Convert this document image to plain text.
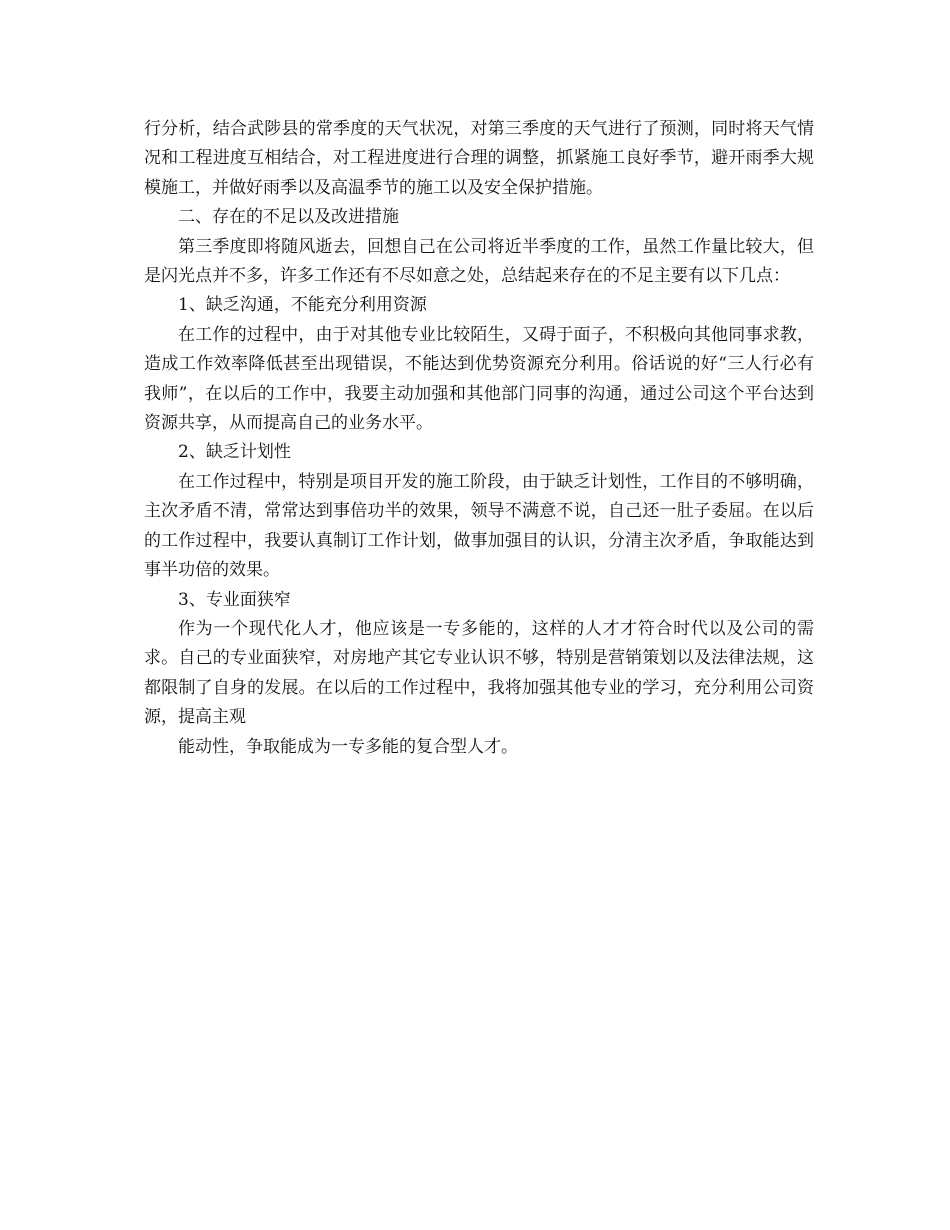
行分析，结合武陟县的常季度的天气状况，对第三季度的天气进行了预测，同时将天气情况和工程进度互相结合，对工程进度进行合理的调整，抓紧施工良好季节，避开雨季大规模施工，并做好雨季以及高温季节的施工以及安全保护措施。

二、存在的不足以及改进措施

第三季度即将随风逝去，回想自己在公司将近半季度的工作，虽然工作量比较大，但是闪光点并不多，许多工作还有不尽如意之处，总结起来存在的不足主要有以下几点：

1、缺乏沟通，不能充分利用资源

在工作的过程中，由于对其他专业比较陌生，又碍于面子，不积极向其他同事求教，造成工作效率降低甚至出现错误，不能达到优势资源充分利用。俗话说的好“三人行必有我师”，在以后的工作中，我要主动加强和其他部门同事的沟通，通过公司这个平台达到资源共享，从而提高自己的业务水平。

2、缺乏计划性

在工作过程中，特别是项目开发的施工阶段，由于缺乏计划性，工作目的不够明确，主次矛盾不清，常常达到事倍功半的效果，领导不满意不说，自己还一肚子委屈。在以后的工作过程中，我要认真制订工作计划，做事加强目的认识，分清主次矛盾，争取能达到事半功倍的效果。

3、专业面狭窄

作为一个现代化人才，他应该是一专多能的，这样的人才才符合时代以及公司的需求。自己的专业面狭窄，对房地产其它专业认识不够，特别是营销策划以及法律法规，这都限制了自身的发展。在以后的工作过程中，我将加强其他专业的学习，充分利用公司资源，提高主观

能动性，争取能成为一专多能的复合型人才。
